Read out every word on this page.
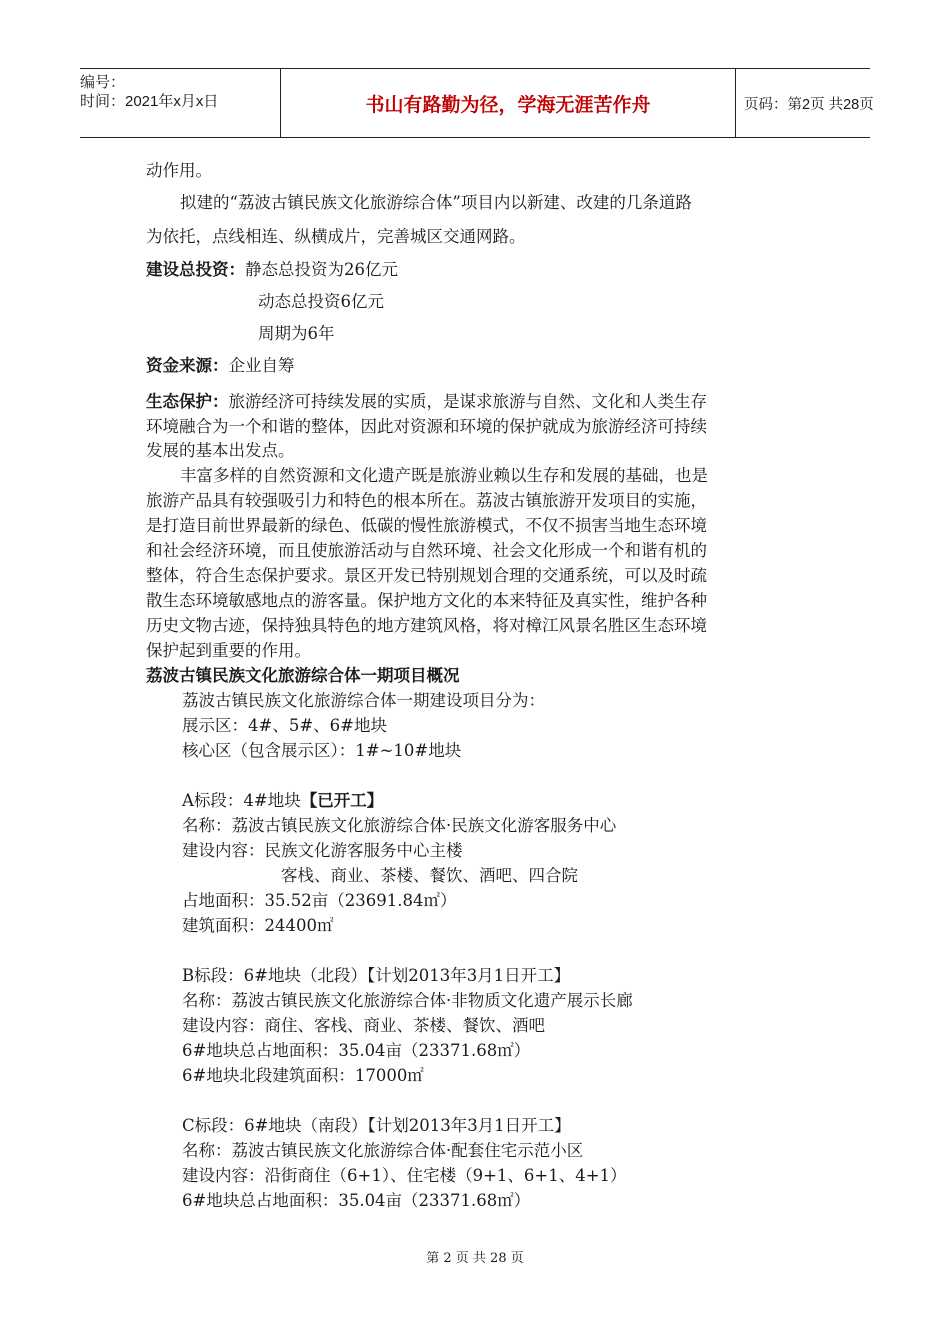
编号：
时间：2021年x月x日	书山有路勤为径，学海无涯苦作舟	页码：第2页 共28页
动作用。
拟建的“荔波古镇民族文化旅游综合体”项目内以新建、改建的几条道路
为依托，点线相连、纵横成片，完善城区交通网路。
建设总投资：静态总投资为26亿元
动态总投资6亿元
周期为6年
资金来源：企业自筹
生态保护：旅游经济可持续发展的实质，是谋求旅游与自然、文化和人类生存
环境融合为一个和谐的整体，因此对资源和环境的保护就成为旅游经济可持续
发展的基本出发点。
丰富多样的自然资源和文化遗产既是旅游业赖以生存和发展的基础，也是
旅游产品具有较强吸引力和特色的根本所在。荔波古镇旅游开发项目的实施，
是打造目前世界最新的绿色、低碳的慢性旅游模式，不仅不损害当地生态环境
和社会经济环境，而且使旅游活动与自然环境、社会文化形成一个和谐有机的
整体，符合生态保护要求。景区开发已特别规划合理的交通系统，可以及时疏
散生态环境敏感地点的游客量。保护地方文化的本来特征及真实性，维护各种
历史文物古迹，保持独具特色的地方建筑风格，将对樟江风景名胜区生态环境
保护起到重要的作用。
荔波古镇民族文化旅游综合体一期项目概况
荔波古镇民族文化旅游综合体一期建设项目分为：
展示区：4#、5#、6#地块
核心区（包含展示区）：1#~10#地块
A标段：4#地块【已开工】
名称：荔波古镇民族文化旅游综合体·民族文化游客服务中心
建设内容：民族文化游客服务中心主楼
客栈、商业、茶楼、餐饮、酒吧、四合院
占地面积：35.52亩（23691.84㎡）
建筑面积：24400㎡
B标段：6#地块（北段）【计划2013年3月1日开工】
名称：荔波古镇民族文化旅游综合体·非物质文化遗产展示长廊
建设内容：商住、客栈、商业、茶楼、餐饮、酒吧
6#地块总占地面积：35.04亩（23371.68㎡）
6#地块北段建筑面积：17000㎡
C标段：6#地块（南段）【计划2013年3月1日开工】
名称：荔波古镇民族文化旅游综合体·配套住宅示范小区
建设内容：沿街商住（6+1）、住宅楼（9+1、6+1、4+1）
6#地块总占地面积：35.04亩（23371.68㎡）
第 2 页 共 28 页
